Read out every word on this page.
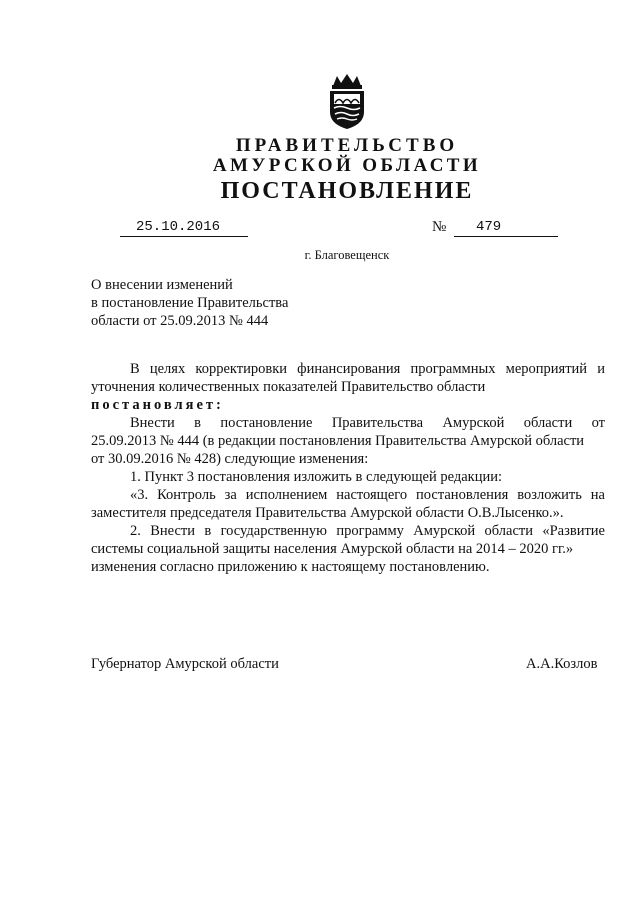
ПРАВИТЕЛЬСТВО
АМУРСКОЙ ОБЛАСТИ
ПОСТАНОВЛЕНИЕ
25.10.2016	№	479
г. Благовещенск
О внесении изменений
в постановление Правительства
области от 25.09.2013 № 444
В целях корректировки финансирования программных мероприятий и
уточнения количественных показателей Правительство области
постановляет:
Внести в постановление Правительства Амурской области от
25.09.2013 № 444 (в редакции постановления Правительства Амурской области
от 30.09.2016 № 428) следующие изменения:
1. Пункт 3 постановления изложить в следующей редакции:
«3. Контроль за исполнением настоящего постановления возложить на
заместителя председателя Правительства Амурской области О.В.Лысенко.».
2. Внести в государственную программу Амурской области «Развитие
системы социальной защиты населения Амурской области на 2014 – 2020 гг.»
изменения согласно приложению к настоящему постановлению.
Губернатор Амурской области	А.А.Козлов
